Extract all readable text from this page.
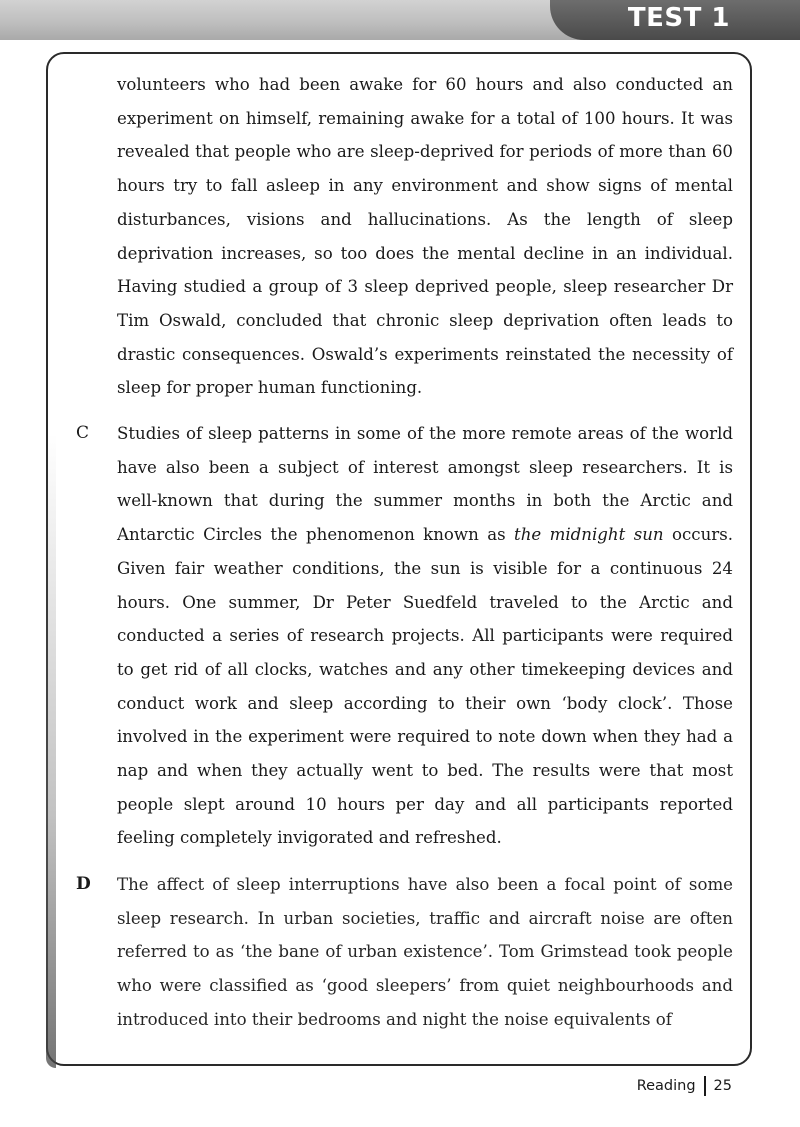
TEST 1

volunteers who had been awake for 60 hours and also conducted an experiment on himself, remaining awake for a total of 100 hours. It was revealed that people who are sleep-deprived for periods of more than 60 hours try to fall asleep in any environment and show signs of mental disturbances, visions and hallucinations. As the length of sleep deprivation increases, so too does the mental decline in an individual. Having studied a group of 3 sleep deprived people, sleep researcher Dr Tim Oswald, concluded that chronic sleep deprivation often leads to drastic consequences. Oswald’s experiments reinstated the necessity of sleep for proper human functioning.

C Studies of sleep patterns in some of the more remote areas of the world have also been a subject of interest amongst sleep researchers. It is well-known that during the summer months in both the Arctic and Antarctic Circles the phenomenon known as the midnight sun occurs. Given fair weather conditions, the sun is visible for a continuous 24 hours. One summer, Dr Peter Suedfeld traveled to the Arctic and conducted a series of research projects. All participants were required to get rid of all clocks, watches and any other timekeeping devices and conduct work and sleep according to their own ‘body clock’. Those involved in the experiment were required to note down when they had a nap and when they actually went to bed. The results were that most people slept around 10 hours per day and all participants reported feeling completely invigorated and refreshed.

D The affect of sleep interruptions have also been a focal point of some sleep research. In urban societies, traffic and aircraft noise are often referred to as ‘the bane of urban existence’. Tom Grimstead took people who were classified as ‘good sleepers’ from quiet neighbourhoods and introduced into their bedrooms and night the noise equivalents of

Reading 25
